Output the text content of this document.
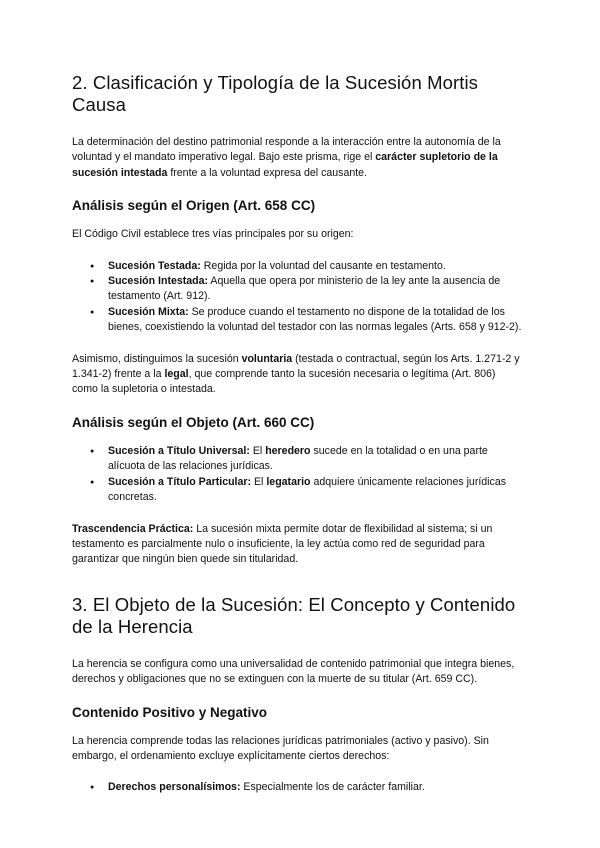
2. Clasificación y Tipología de la Sucesión Mortis Causa

La determinación del destino patrimonial responde a la interacción entre la autonomía de la voluntad y el mandato imperativo legal. Bajo este prisma, rige el carácter supletorio de la sucesión intestada frente a la voluntad expresa del causante.

Análisis según el Origen (Art. 658 CC)

El Código Civil establece tres vías principales por su origen:

● Sucesión Testada: Regida por la voluntad del causante en testamento.
● Sucesión Intestada: Aquella que opera por ministerio de la ley ante la ausencia de testamento (Art. 912).
● Sucesión Mixta: Se produce cuando el testamento no dispone de la totalidad de los bienes, coexistiendo la voluntad del testador con las normas legales (Arts. 658 y 912-2).

Asimismo, distinguimos la sucesión voluntaria (testada o contractual, según los Arts. 1.271-2 y 1.341-2) frente a la legal, que comprende tanto la sucesión necesaria o legítima (Art. 806) como la supletoria o intestada.

Análisis según el Objeto (Art. 660 CC)
● Sucesión a Título Universal: El heredero sucede en la totalidad o en una parte alícuota de las relaciones jurídicas.
● Sucesión a Título Particular: El legatario adquiere únicamente relaciones jurídicas concretas.

Trascendencia Práctica: La sucesión mixta permite dotar de flexibilidad al sistema; si un testamento es parcialmente nulo o insuficiente, la ley actúa como red de seguridad para garantizar que ningún bien quede sin titularidad.

3. El Objeto de la Sucesión: El Concepto y Contenido de la Herencia

La herencia se configura como una universalidad de contenido patrimonial que integra bienes, derechos y obligaciones que no se extinguen con la muerte de su titular (Art. 659 CC).

Contenido Positivo y Negativo

La herencia comprende todas las relaciones jurídicas patrimoniales (activo y pasivo). Sin embargo, el ordenamiento excluye explícitamente ciertos derechos:

● Derechos personalísimos: Especialmente los de carácter familiar.
